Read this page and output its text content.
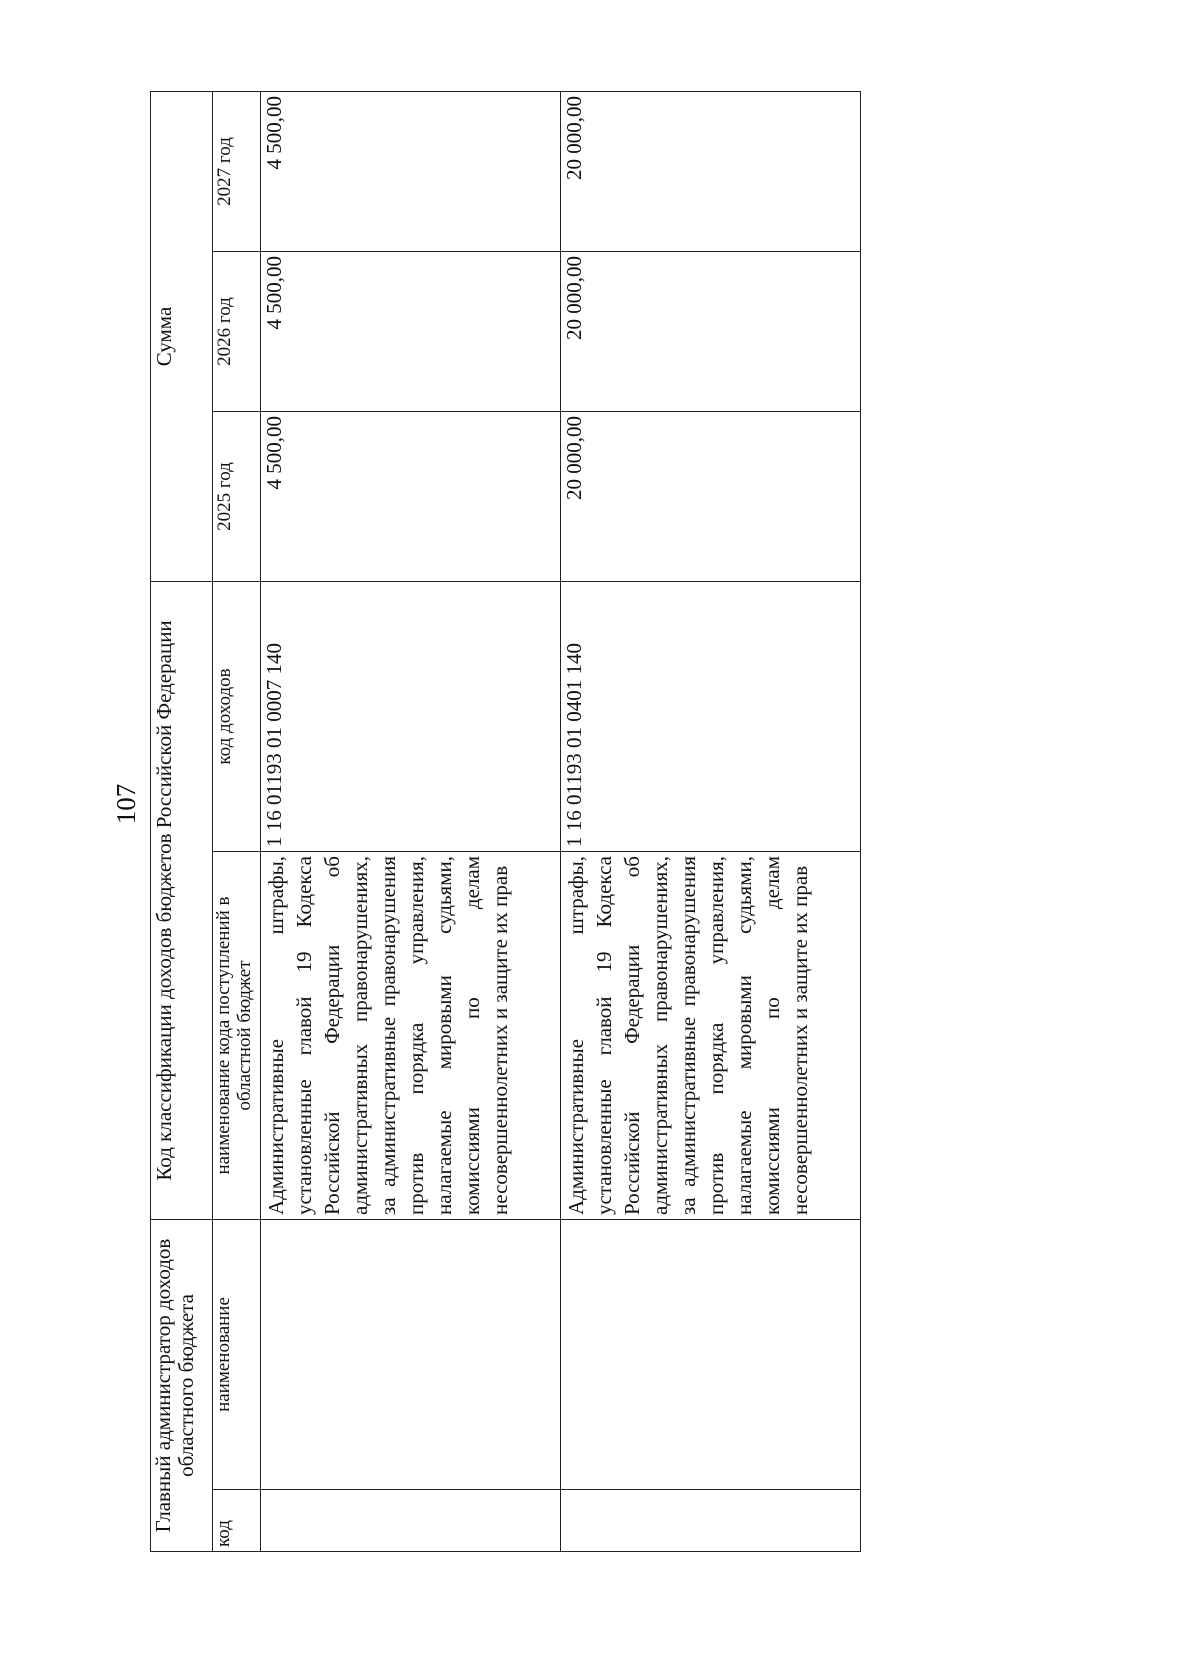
107
Главный администратор доходов областного бюджета		Код классификации доходов бюджетов Российской Федерации		Сумма		
код	наименование	наименование кода поступлений в областной бюджет	код доходов	2025 год	2026 год	2027 год
		Административные штрафы, установленные главой 19 Кодекса Российской Федерации об административных правонарушениях, за административные правонарушения против порядка управления, налагаемые мировыми судьями, комиссиями по делам несовершеннолетних и защите их прав	1 16 01193 01 0007 140	4 500,00	4 500,00	4 500,00
		Административные штрафы, установленные главой 19 Кодекса Российской Федерации об административных правонарушениях, за административные правонарушения против порядка управления, налагаемые мировыми судьями, комиссиями по делам несовершеннолетних и защите их прав	1 16 01193 01 0401 140	20 000,00	20 000,00	20 000,00
